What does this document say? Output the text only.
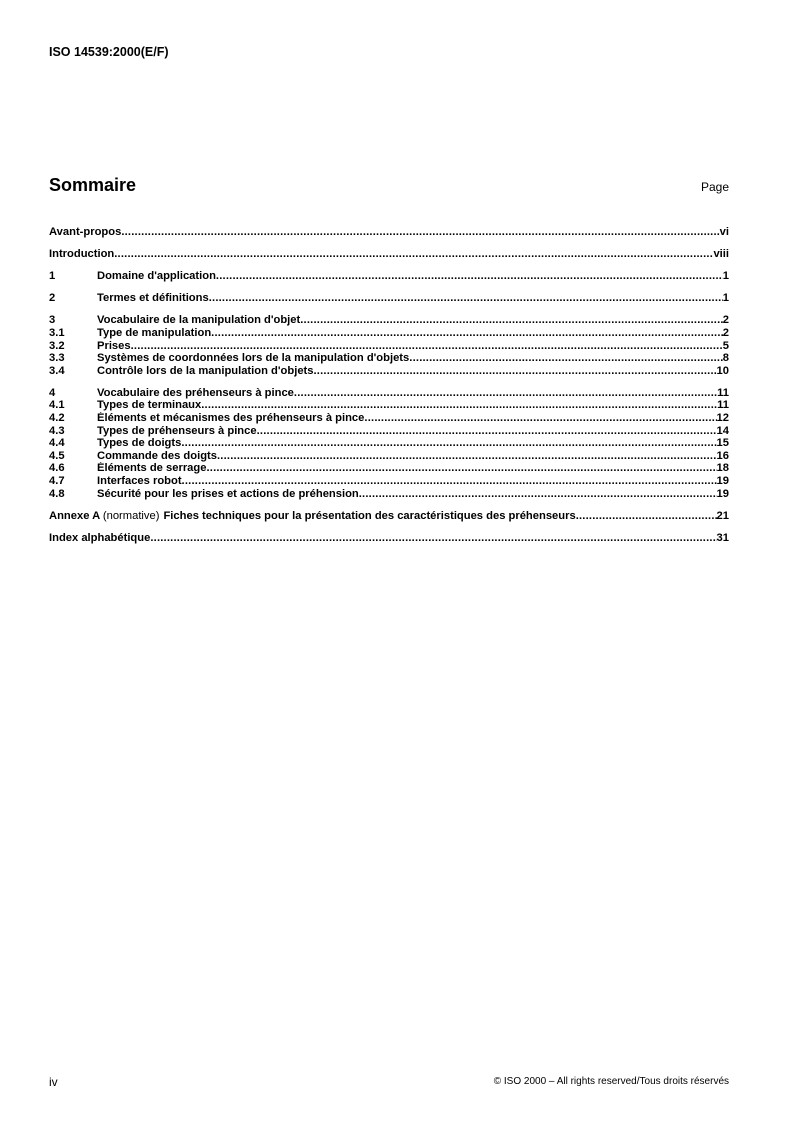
ISO 14539:2000(E/F)
Sommaire	Page
Avant-propos .....	vi
Introduction .....	viii
1	Domaine d'application .....	1
2	Termes et définitions .....	1
3	Vocabulaire de la manipulation d'objet .....	2
3.1	Type de manipulation .....	2
3.2	Prises .....	5
3.3	Systèmes de coordonnées lors de la manipulation d'objets .....	8
3.4	Contrôle lors de la manipulation d'objets .....	10
4	Vocabulaire des préhenseurs à pince .....	11
4.1	Types de terminaux .....	11
4.2	Éléments et mécanismes des préhenseurs à pince .....	12
4.3	Types de préhenseurs à pince .....	14
4.4	Types de doigts .....	15
4.5	Commande des doigts .....	16
4.6	Éléments de serrage .....	18
4.7	Interfaces robot .....	19
4.8	Sécurité pour les prises et actions de préhension .....	19
Annexe A (normative) Fiches techniques pour la présentation des caractéristiques des préhenseurs .....	21
Index alphabétique .....	31
iv	© ISO 2000 – All rights reserved/Tous droits réservés
